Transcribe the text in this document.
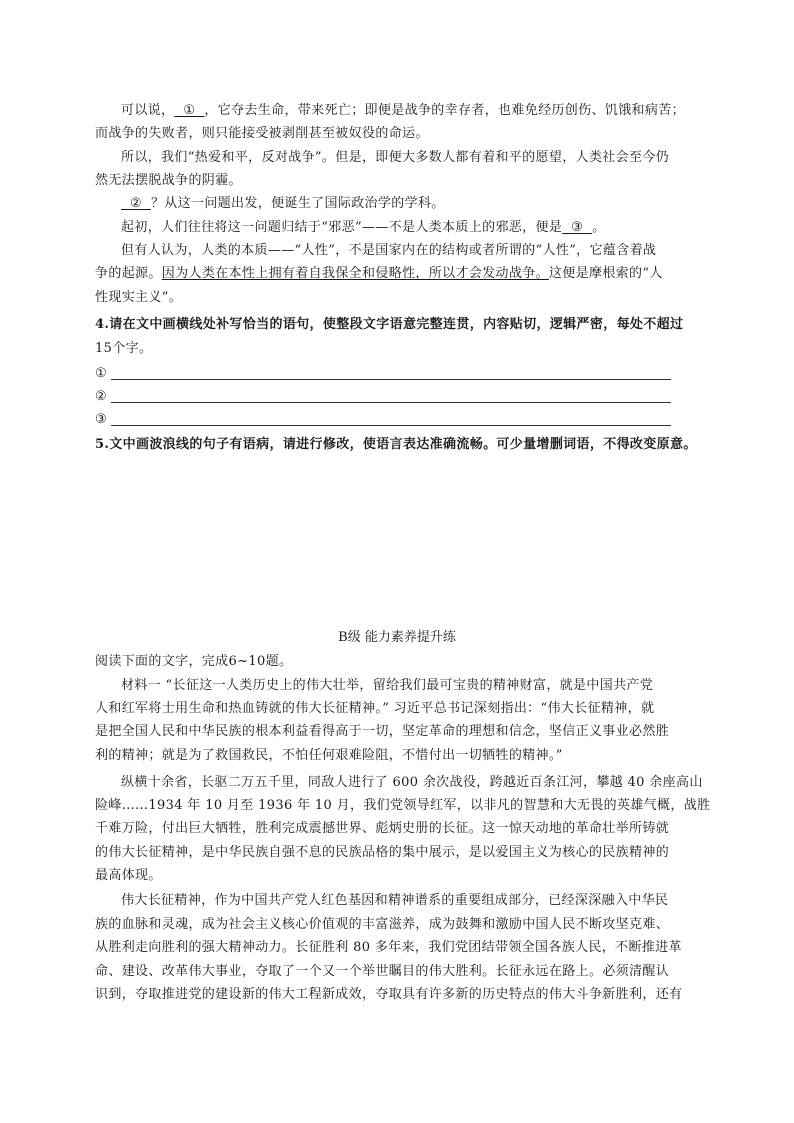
可以说， ① ，它夺去生命，带来死亡；即便是战争的幸存者，也难免经历创伤、饥饿和病苦；
而战争的失败者，则只能接受被剥削甚至被奴役的命运。
所以，我们“热爱和平，反对战争”。但是，即便大多数人都有着和平的愿望，人类社会至今仍
然无法摆脱战争的阴霾。
② ？从这一问题出发，便诞生了国际政治学的学科。
起初，人们往往将这一问题归结于“邪恶”——不是人类本质上的邪恶，便是 ③ 。
但有人认为，人类的本质——“人性”，不是国家内在的结构或者所谓的“人性”，它蕴含着战
争的起源。因为人类在本性上拥有着自我保全和侵略性，所以才会发动战争。这便是摩根索的“人
性现实主义”。
4.请在文中画横线处补写恰当的语句，使整段文字语意完整连贯，内容贴切，逻辑严密，每处不超过
15个字。
①
②
③
5.文中画波浪线的句子有语病，请进行修改，使语言表达准确流畅。可少量增删词语，不得改变原意。
B级 能力素养提升练
阅读下面的文字，完成6~10题。
材料一 “长征这一人类历史上的伟大壮举，留给我们最可宝贵的精神财富，就是中国共产党
人和红军将士用生命和热血铸就的伟大长征精神。” 习近平总书记深刻指出：“伟大长征精神，就
是把全国人民和中华民族的根本利益看得高于一切，坚定革命的理想和信念，坚信正义事业必然胜
利的精神；就是为了救国救民，不怕任何艰难险阻，不惜付出一切牺牲的精神。”
纵横十余省，长驱二万五千里，同敌人进行了 600 余次战役，跨越近百条江河，攀越 40 余座高山
险峰……1934 年 10 月至 1936 年 10 月，我们党领导红军，以非凡的智慧和大无畏的英雄气概，战胜
千难万险，付出巨大牺牲，胜利完成震撼世界、彪炳史册的长征。这一惊天动地的革命壮举所铸就
的伟大长征精神，是中华民族自强不息的民族品格的集中展示，是以爱国主义为核心的民族精神的
最高体现。
伟大长征精神，作为中国共产党人红色基因和精神谱系的重要组成部分，已经深深融入中华民
族的血脉和灵魂，成为社会主义核心价值观的丰富滋养，成为鼓舞和激励中国人民不断攻坚克难、
从胜利走向胜利的强大精神动力。长征胜利 80 多年来，我们党团结带领全国各族人民，不断推进革
命、建设、改革伟大事业，夺取了一个又一个举世瞩目的伟大胜利。长征永远在路上。必须清醒认
识到，夺取推进党的建设新的伟大工程新成效，夺取具有许多新的历史特点的伟大斗争新胜利，还有
